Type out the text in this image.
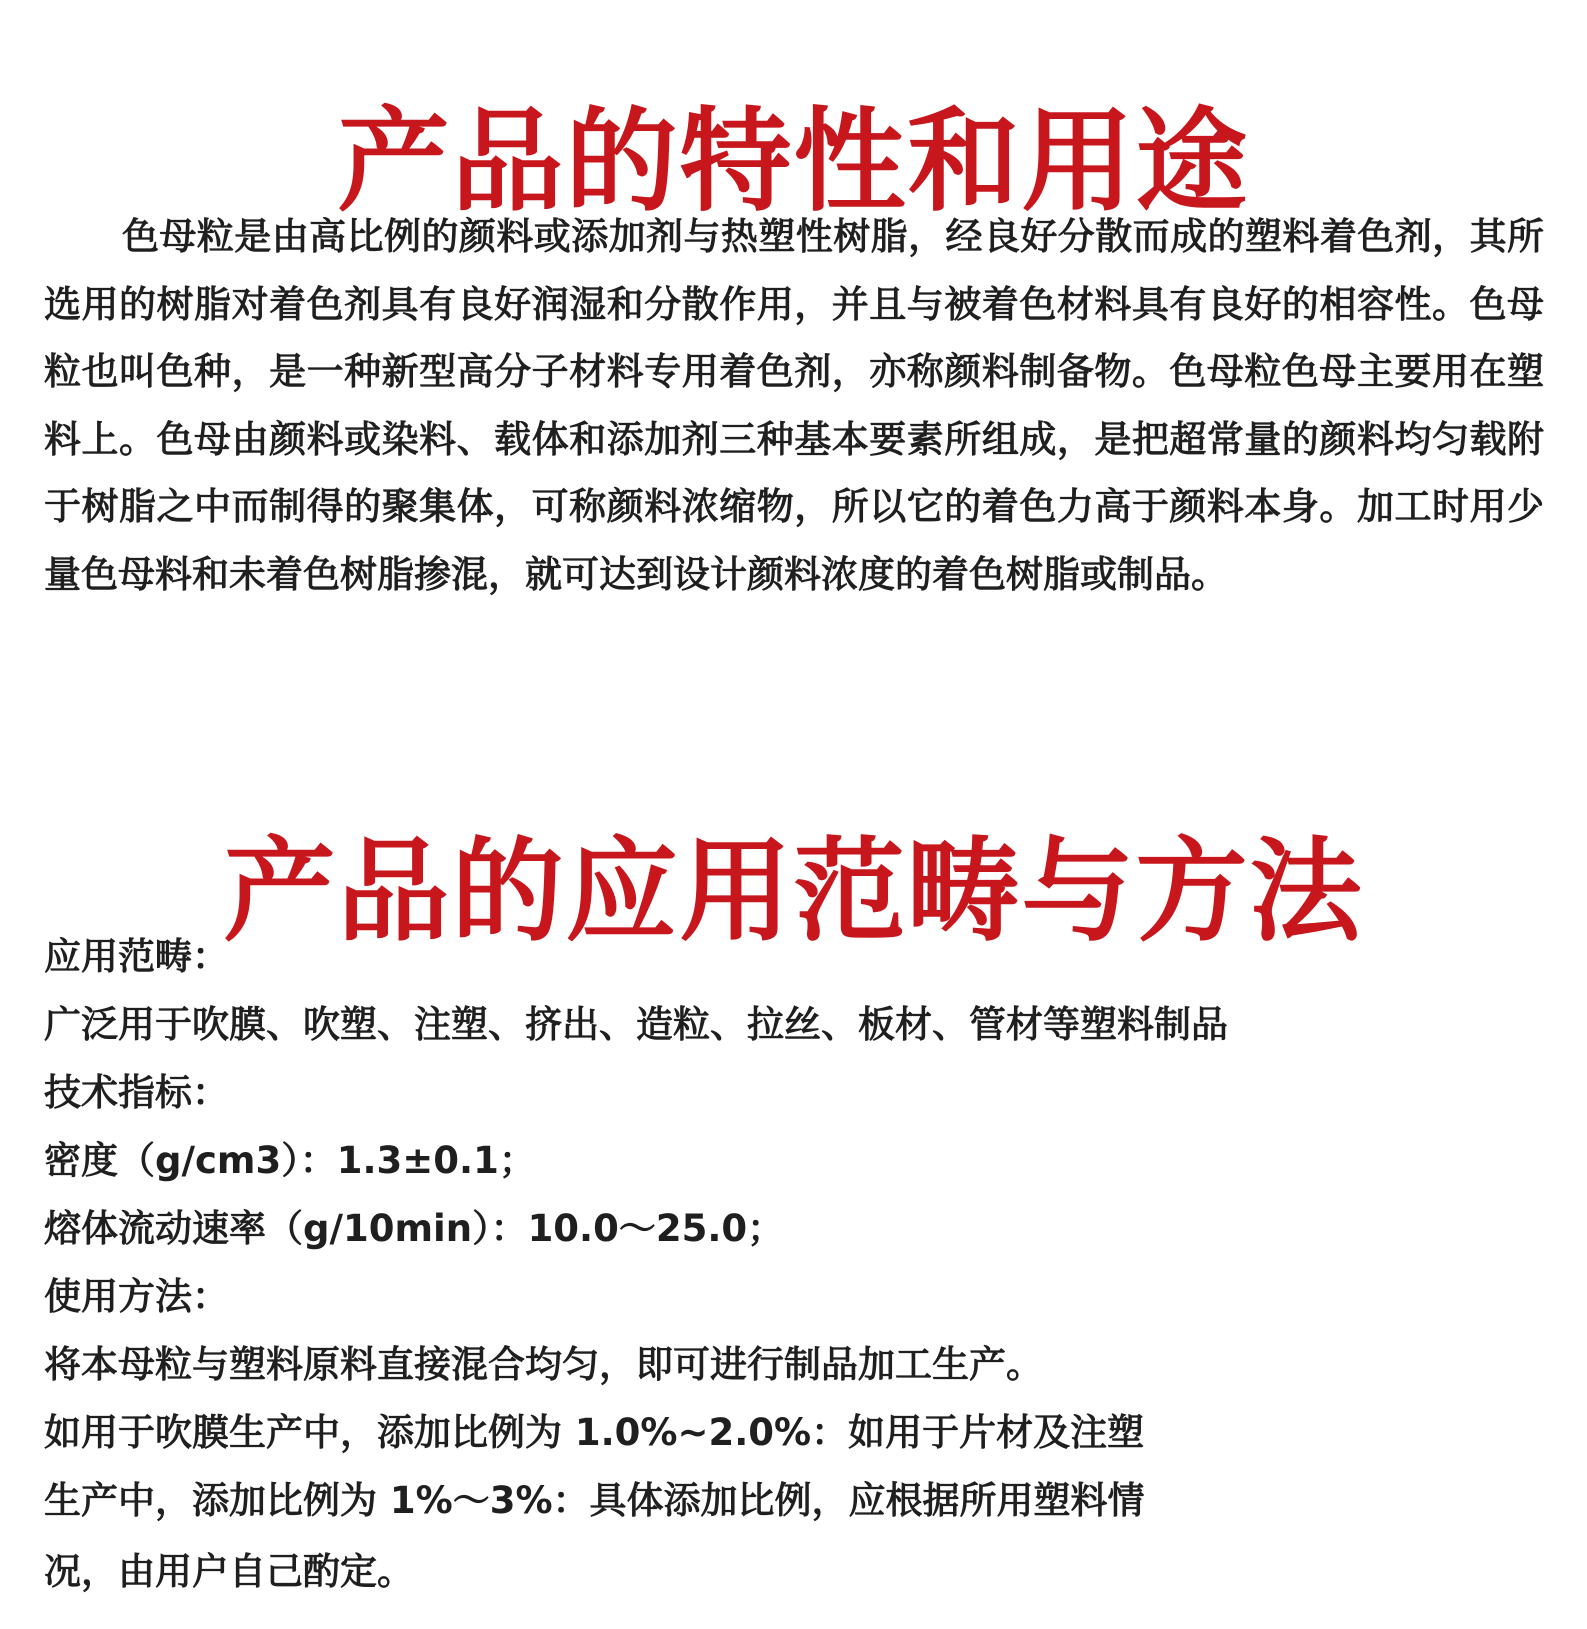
产品的特性和用途

色母粒是由高比例的颜料或添加剂与热塑性树脂，经良好分散而成的塑料着色剂，其所选用的树脂对着色剂具有良好润湿和分散作用，并且与被着色材料具有良好的相容性。色母粒也叫色种，是一种新型高分子材料专用着色剂，亦称颜料制备物。色母粒色母主要用在塑料上。色母由颜料或染料、载体和添加剂三种基本要素所组成，是把超常量的颜料均匀载附于树脂之中而制得的聚集体，可称颜料浓缩物，所以它的着色力高于颜料本身。加工时用少量色母料和未着色树脂掺混，就可达到设计颜料浓度的着色树脂或制品。

产品的应用范畴与方法
应用范畴：
广泛用于吹膜、吹塑、注塑、挤出、造粒、拉丝、板材、管材等塑料制品
技术指标：
密度（g/cm3）：1.3±0.1；
熔体流动速率（g/10min）：10.0～25.0；
使用方法：
将本母粒与塑料原料直接混合均匀，即可进行制品加工生产。
如用于吹膜生产中，添加比例为 1.0%~2.0%：如用于片材及注塑
生产中，添加比例为 1%～3%：具体添加比例，应根据所用塑料情
况，由用户自己酌定。
